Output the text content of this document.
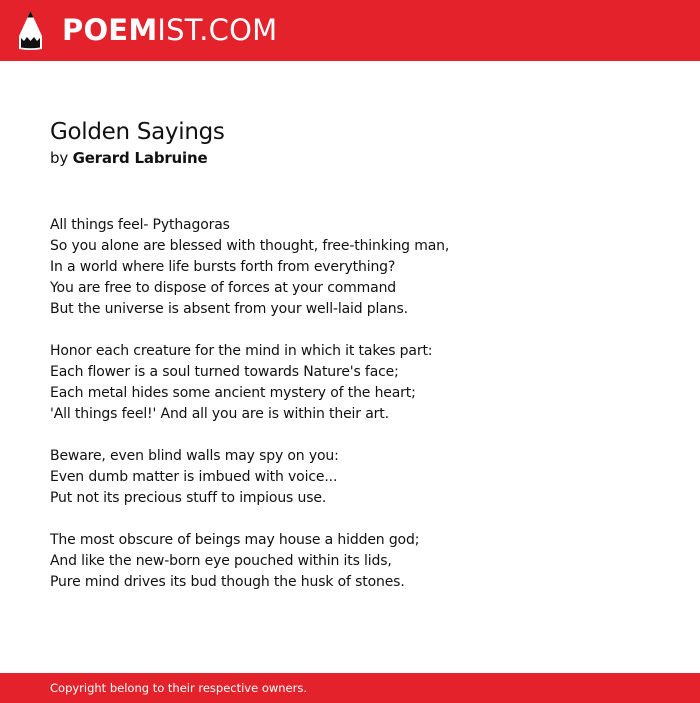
POEMIST.COM
Golden Sayings
by Gerard Labruine
All things feel- Pythagoras
So you alone are blessed with thought, free-thinking man,
In a world where life bursts forth from everything?
You are free to dispose of forces at your command
But the universe is absent from your well-laid plans.
Honor each creature for the mind in which it takes part:
Each flower is a soul turned towards Nature's face;
Each metal hides some ancient mystery of the heart;
'All things feel!' And all you are is within their art.
Beware, even blind walls may spy on you:
Even dumb matter is imbued with voice...
Put not its precious stuff to impious use.
The most obscure of beings may house a hidden god;
And like the new-born eye pouched within its lids,
Pure mind drives its bud though the husk of stones.
Copyright belong to their respective owners.
